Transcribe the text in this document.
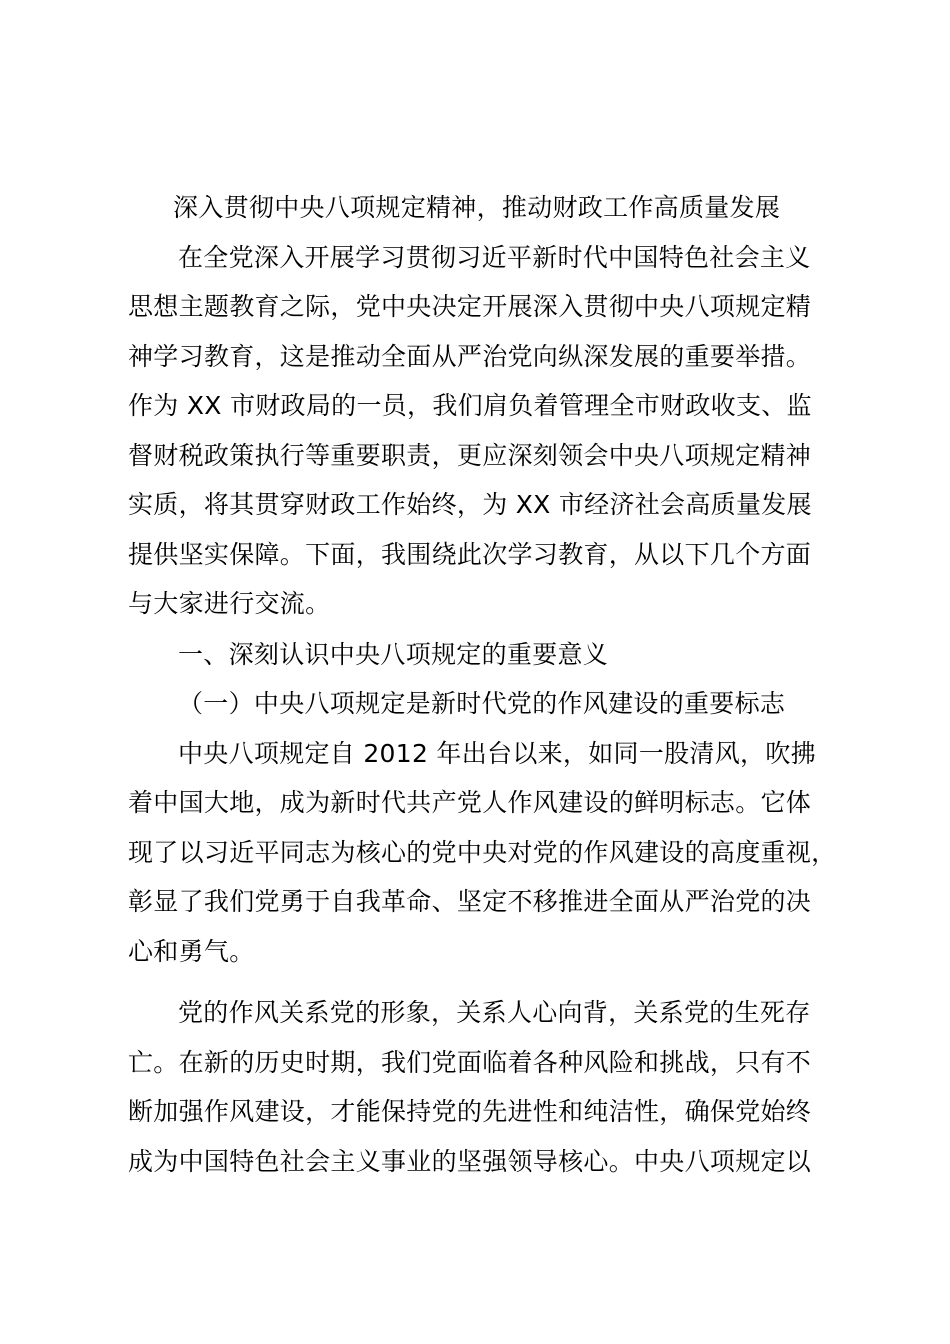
深入贯彻中央八项规定精神，推动财政工作高质量发展
在全党深入开展学习贯彻习近平新时代中国特色社会主义
思想主题教育之际，党中央决定开展深入贯彻中央八项规定精
神学习教育，这是推动全面从严治党向纵深发展的重要举措。
作为 XX 市财政局的一员，我们肩负着管理全市财政收支、监
督财税政策执行等重要职责，更应深刻领会中央八项规定精神
实质，将其贯穿财政工作始终，为 XX 市经济社会高质量发展
提供坚实保障。下面，我围绕此次学习教育，从以下几个方面
与大家进行交流。
一、深刻认识中央八项规定的重要意义
（一）中央八项规定是新时代党的作风建设的重要标志
中央八项规定自 2012 年出台以来，如同一股清风，吹拂
着中国大地，成为新时代共产党人作风建设的鲜明标志。它体
现了以习近平同志为核心的党中央对党的作风建设的高度重视，
彰显了我们党勇于自我革命、坚定不移推进全面从严治党的决
心和勇气。
党的作风关系党的形象，关系人心向背，关系党的生死存
亡。在新的历史时期，我们党面临着各种风险和挑战，只有不
断加强作风建设，才能保持党的先进性和纯洁性，确保党始终
成为中国特色社会主义事业的坚强领导核心。中央八项规定以
